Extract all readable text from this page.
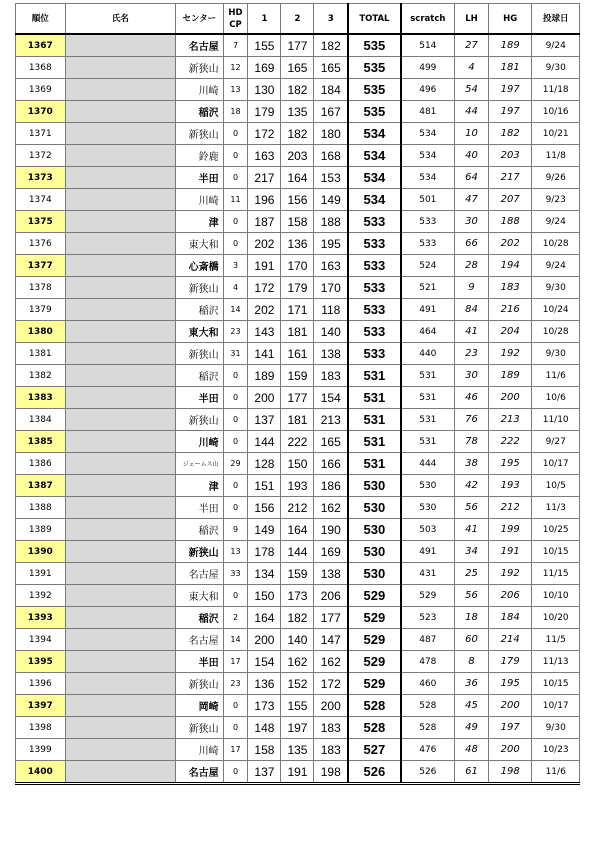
順位	氏名	センター	HD
CP	1	2	3	TOTAL	scratch	LH	HG	投球日
1367		名古屋	7	155	177	182	535	514	27	189	9/24
1368		新狭山	12	169	165	165	535	499	4	181	9/30
1369		川崎	13	130	182	184	535	496	54	197	11/18
1370		稲沢	18	179	135	167	535	481	44	197	10/16
1371		新狭山	0	172	182	180	534	534	10	182	10/21
1372		鈴鹿	0	163	203	168	534	534	40	203	11/8
1373		半田	0	217	164	153	534	534	64	217	9/26
1374		川崎	11	196	156	149	534	501	47	207	9/23
1375		津	0	187	158	188	533	533	30	188	9/24
1376		東大和	0	202	136	195	533	533	66	202	10/28
1377		心斎橋	3	191	170	163	533	524	28	194	9/24
1378		新狭山	4	172	179	170	533	521	9	183	9/30
1379		稲沢	14	202	171	118	533	491	84	216	10/24
1380		東大和	23	143	181	140	533	464	41	204	10/28
1381		新狭山	31	141	161	138	533	440	23	192	9/30
1382		稲沢	0	189	159	183	531	531	30	189	11/6
1383		半田	0	200	177	154	531	531	46	200	10/6
1384		新狭山	0	137	181	213	531	531	76	213	11/10
1385		川崎	0	144	222	165	531	531	78	222	9/27
1386		ジェームス山	29	128	150	166	531	444	38	195	10/17
1387		津	0	151	193	186	530	530	42	193	10/5
1388		半田	0	156	212	162	530	530	56	212	11/3
1389		稲沢	9	149	164	190	530	503	41	199	10/25
1390		新狭山	13	178	144	169	530	491	34	191	10/15
1391		名古屋	33	134	159	138	530	431	25	192	11/15
1392		東大和	0	150	173	206	529	529	56	206	10/10
1393		稲沢	2	164	182	177	529	523	18	184	10/20
1394		名古屋	14	200	140	147	529	487	60	214	11/5
1395		半田	17	154	162	162	529	478	8	179	11/13
1396		新狭山	23	136	152	172	529	460	36	195	10/15
1397		岡崎	0	173	155	200	528	528	45	200	10/17
1398		新狭山	0	148	197	183	528	528	49	197	9/30
1399		川崎	17	158	135	183	527	476	48	200	10/23
1400		名古屋	0	137	191	198	526	526	61	198	11/6
